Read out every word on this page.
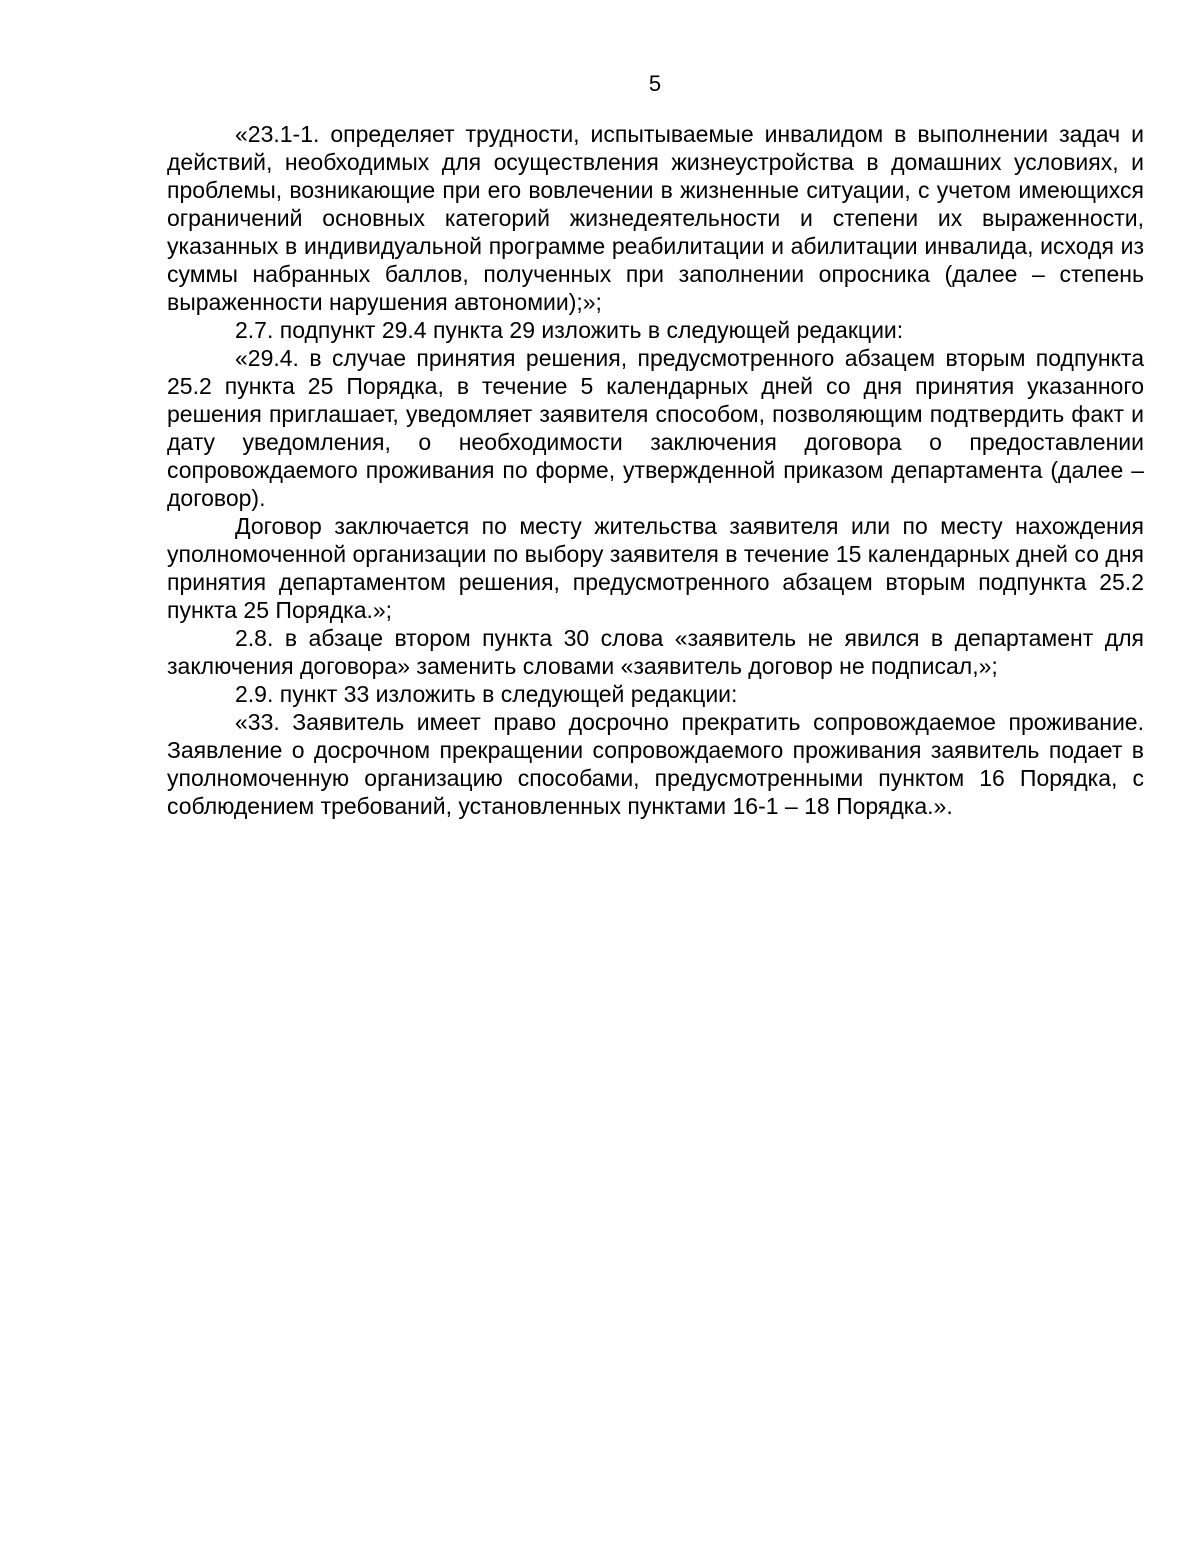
5

«23.1-1. определяет трудности, испытываемые инвалидом в выполнении задач и действий, необходимых для осуществления жизнеустройства в домашних условиях, и проблемы, возникающие при его вовлечении в жизненные ситуации, с учетом имеющихся ограничений основных категорий жизнедеятельности и степени их выраженности, указанных в индивидуальной программе реабилитации и абилитации инвалида, исходя из суммы набранных баллов, полученных при заполнении опросника (далее – степень выраженности нарушения автономии);»;

2.7. подпункт 29.4 пункта 29 изложить в следующей редакции:

«29.4. в случае принятия решения, предусмотренного абзацем вторым подпункта 25.2 пункта 25 Порядка, в течение 5 календарных дней со дня принятия указанного решения приглашает, уведомляет заявителя способом, позволяющим подтвердить факт и дату уведомления, о необходимости заключения договора о предоставлении сопровождаемого проживания по форме, утвержденной приказом департамента (далее – договор).

Договор заключается по месту жительства заявителя или по месту нахождения уполномоченной организации по выбору заявителя в течение 15 календарных дней со дня принятия департаментом решения, предусмотренного абзацем вторым подпункта 25.2 пункта 25 Порядка.»;

2.8. в абзаце втором пункта 30 слова «заявитель не явился в департамент для заключения договора» заменить словами «заявитель договор не подписал,»;

2.9. пункт 33 изложить в следующей редакции:

«33. Заявитель имеет право досрочно прекратить сопровождаемое проживание. Заявление о досрочном прекращении сопровождаемого проживания заявитель подает в уполномоченную организацию способами, предусмотренными пунктом 16 Порядка, с соблюдением требований, установленных пунктами 16-1 – 18 Порядка.».
